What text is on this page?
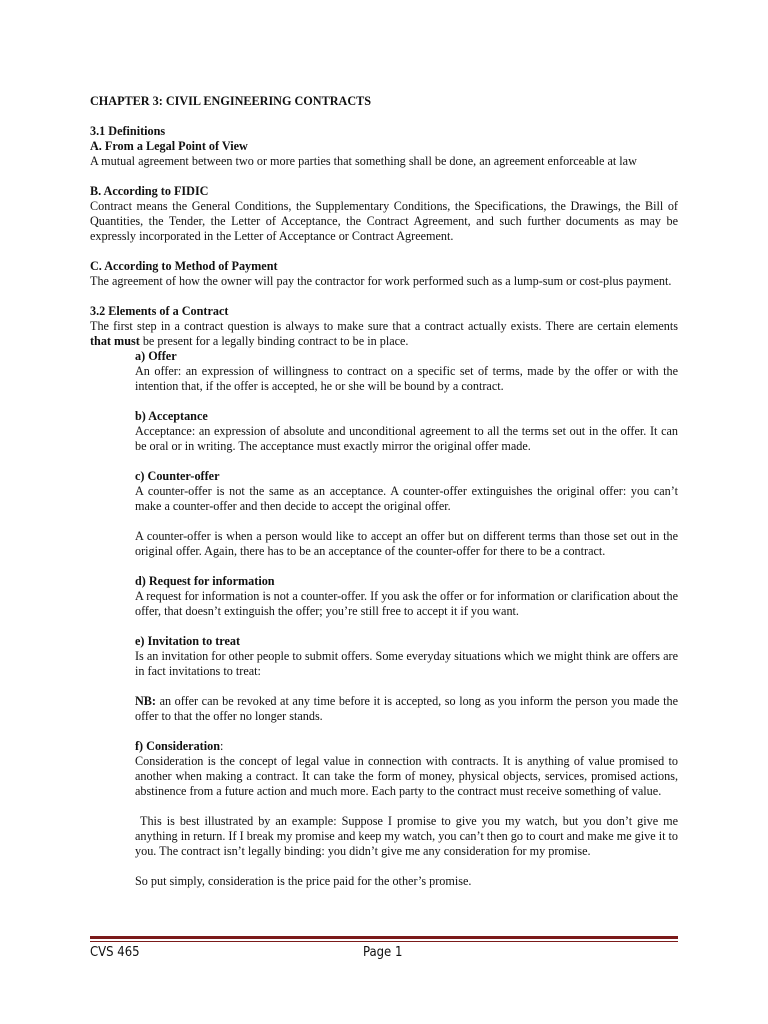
CHAPTER 3: CIVIL ENGINEERING CONTRACTS
3.1 Definitions
A. From a Legal Point of View
A mutual agreement between two or more parties that something shall be done, an agreement enforceable at law
B. According to FIDIC
Contract means the General Conditions, the Supplementary Conditions, the Specifications, the Drawings, the Bill of Quantities, the Tender, the Letter of Acceptance, the Contract Agreement, and such further documents as may be expressly incorporated in the Letter of Acceptance or Contract Agreement.
C. According to Method of Payment
The agreement of how the owner will pay the contractor for work performed such as a lump-sum or cost-plus payment.
3.2 Elements of a Contract
The first step in a contract question is always to make sure that a contract actually exists. There are certain elements that must be present for a legally binding contract to be in place.
a) Offer
An offer: an expression of willingness to contract on a specific set of terms, made by the offer or with the intention that, if the offer is accepted, he or she will be bound by a contract.
b) Acceptance
Acceptance: an expression of absolute and unconditional agreement to all the terms set out in the offer. It can be oral or in writing. The acceptance must exactly mirror the original offer made.
c) Counter-offer
A counter-offer is not the same as an acceptance. A counter-offer extinguishes the original offer: you can’t make a counter-offer and then decide to accept the original offer.
A counter-offer is when a person would like to accept an offer but on different terms than those set out in the original offer. Again, there has to be an acceptance of the counter-offer for there to be a contract.
d) Request for information
A request for information is not a counter-offer. If you ask the offer or for information or clarification about the offer, that doesn’t extinguish the offer; you’re still free to accept it if you want.
e) Invitation to treat
Is an invitation for other people to submit offers. Some everyday situations which we might think are offers are in fact invitations to treat:
NB: an offer can be revoked at any time before it is accepted, so long as you inform the person you made the offer to that the offer no longer stands.
f) Consideration:
Consideration is the concept of legal value in connection with contracts. It is anything of value promised to another when making a contract. It can take the form of money, physical objects, services, promised actions, abstinence from a future action and much more. Each party to the contract must receive something of value.
This is best illustrated by an example: Suppose I promise to give you my watch, but you don’t give me anything in return. If I break my promise and keep my watch, you can’t then go to court and make me give it to you. The contract isn’t legally binding: you didn’t give me any consideration for my promise.
So put simply, consideration is the price paid for the other’s promise.
CVS 465	Page 1
